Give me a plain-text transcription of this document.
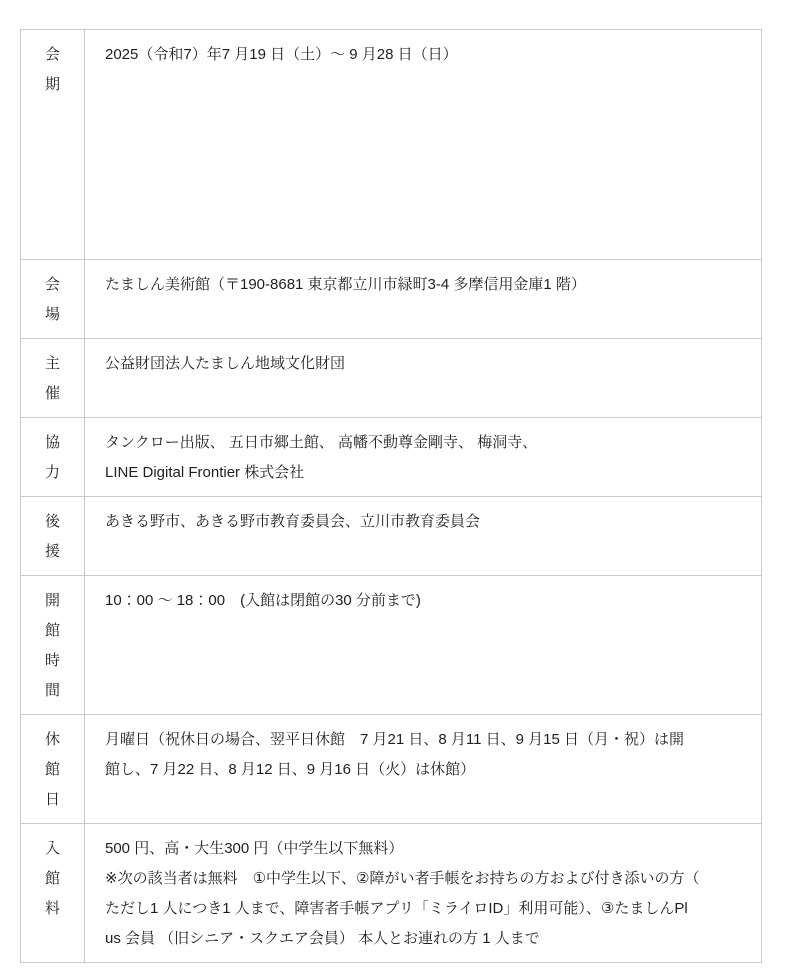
会期
2025（令和7）年7 月19 日（土）～ 9 月28 日（日）
会場
たましん美術館（〒190-8681 東京都立川市緑町3-4 多摩信用金庫1 階）
主催
公益財団法人たましん地域文化財団
協力
タンクロー出版、 五日市郷土館、 高幡不動尊金剛寺、 梅洞寺、
LINE Digital Frontier 株式会社
後援
あきる野市、あきる野市教育委員会、立川市教育委員会
開館時間
10：00 ～ 18：00　(入館は閉館の30 分前まで)
休館日
月曜日（祝休日の場合、翌平日休館　7 月21 日、8 月11 日、9 月15 日（月・祝）は開
館し、7 月22 日、8 月12 日、9 月16 日（火）は休館）
入館料
500 円、高・大生300 円（中学生以下無料）
※次の該当者は無料　①中学生以下、②障がい者手帳をお持ちの方および付き添いの方（
ただし1 人につき1 人まで、障害者手帳アプリ「ミライロID」利用可能）、③たましんPl
us 会員 （旧シニア・スクエア会員） 本人とお連れの方 1 人まで
